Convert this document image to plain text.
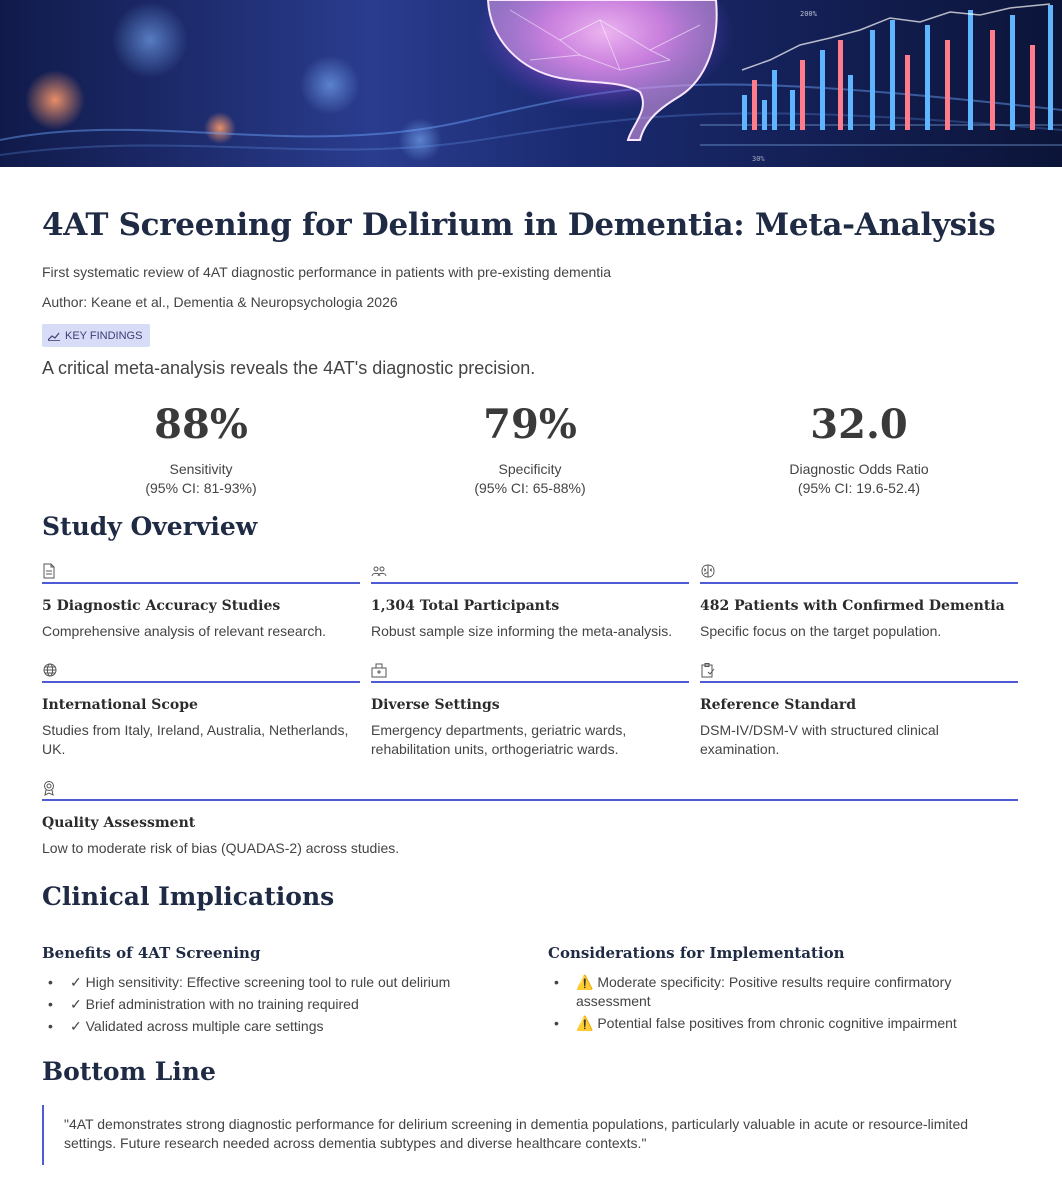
200%
30%
4AT Screening for Delirium in Dementia: Meta-Analysis
First systematic review of 4AT diagnostic performance in patients with pre-existing dementia
Author: Keane et al., Dementia & Neuropsychologia 2026
KEY FINDINGS
A critical meta-analysis reveals the 4AT's diagnostic precision.
88%
Sensitivity
(95% CI: 81-93%)
79%
Specificity
(95% CI: 65-88%)
32.0
Diagnostic Odds Ratio
(95% CI: 19.6-52.4)
Study Overview
5 Diagnostic Accuracy Studies
Comprehensive analysis of relevant research.
1,304 Total Participants
Robust sample size informing the meta-analysis.
482 Patients with Confirmed Dementia
Specific focus on the target population.
International Scope
Studies from Italy, Ireland, Australia, Netherlands, UK.
Diverse Settings
Emergency departments, geriatric wards, rehabilitation units, orthogeriatric wards.
Reference Standard
DSM-IV/DSM-V with structured clinical examination.
Quality Assessment
Low to moderate risk of bias (QUADAS-2) across studies.
Clinical Implications
Benefits of 4AT Screening
• ✓ High sensitivity: Effective screening tool to rule out delirium
• ✓ Brief administration with no training required
• ✓ Validated across multiple care settings
Considerations for Implementation
• ⚠️ Moderate specificity: Positive results require confirmatory assessment
• ⚠️ Potential false positives from chronic cognitive impairment
Bottom Line
"4AT demonstrates strong diagnostic performance for delirium screening in dementia populations, particularly valuable in acute or resource-limited settings. Future research needed across dementia subtypes and diverse healthcare contexts."
